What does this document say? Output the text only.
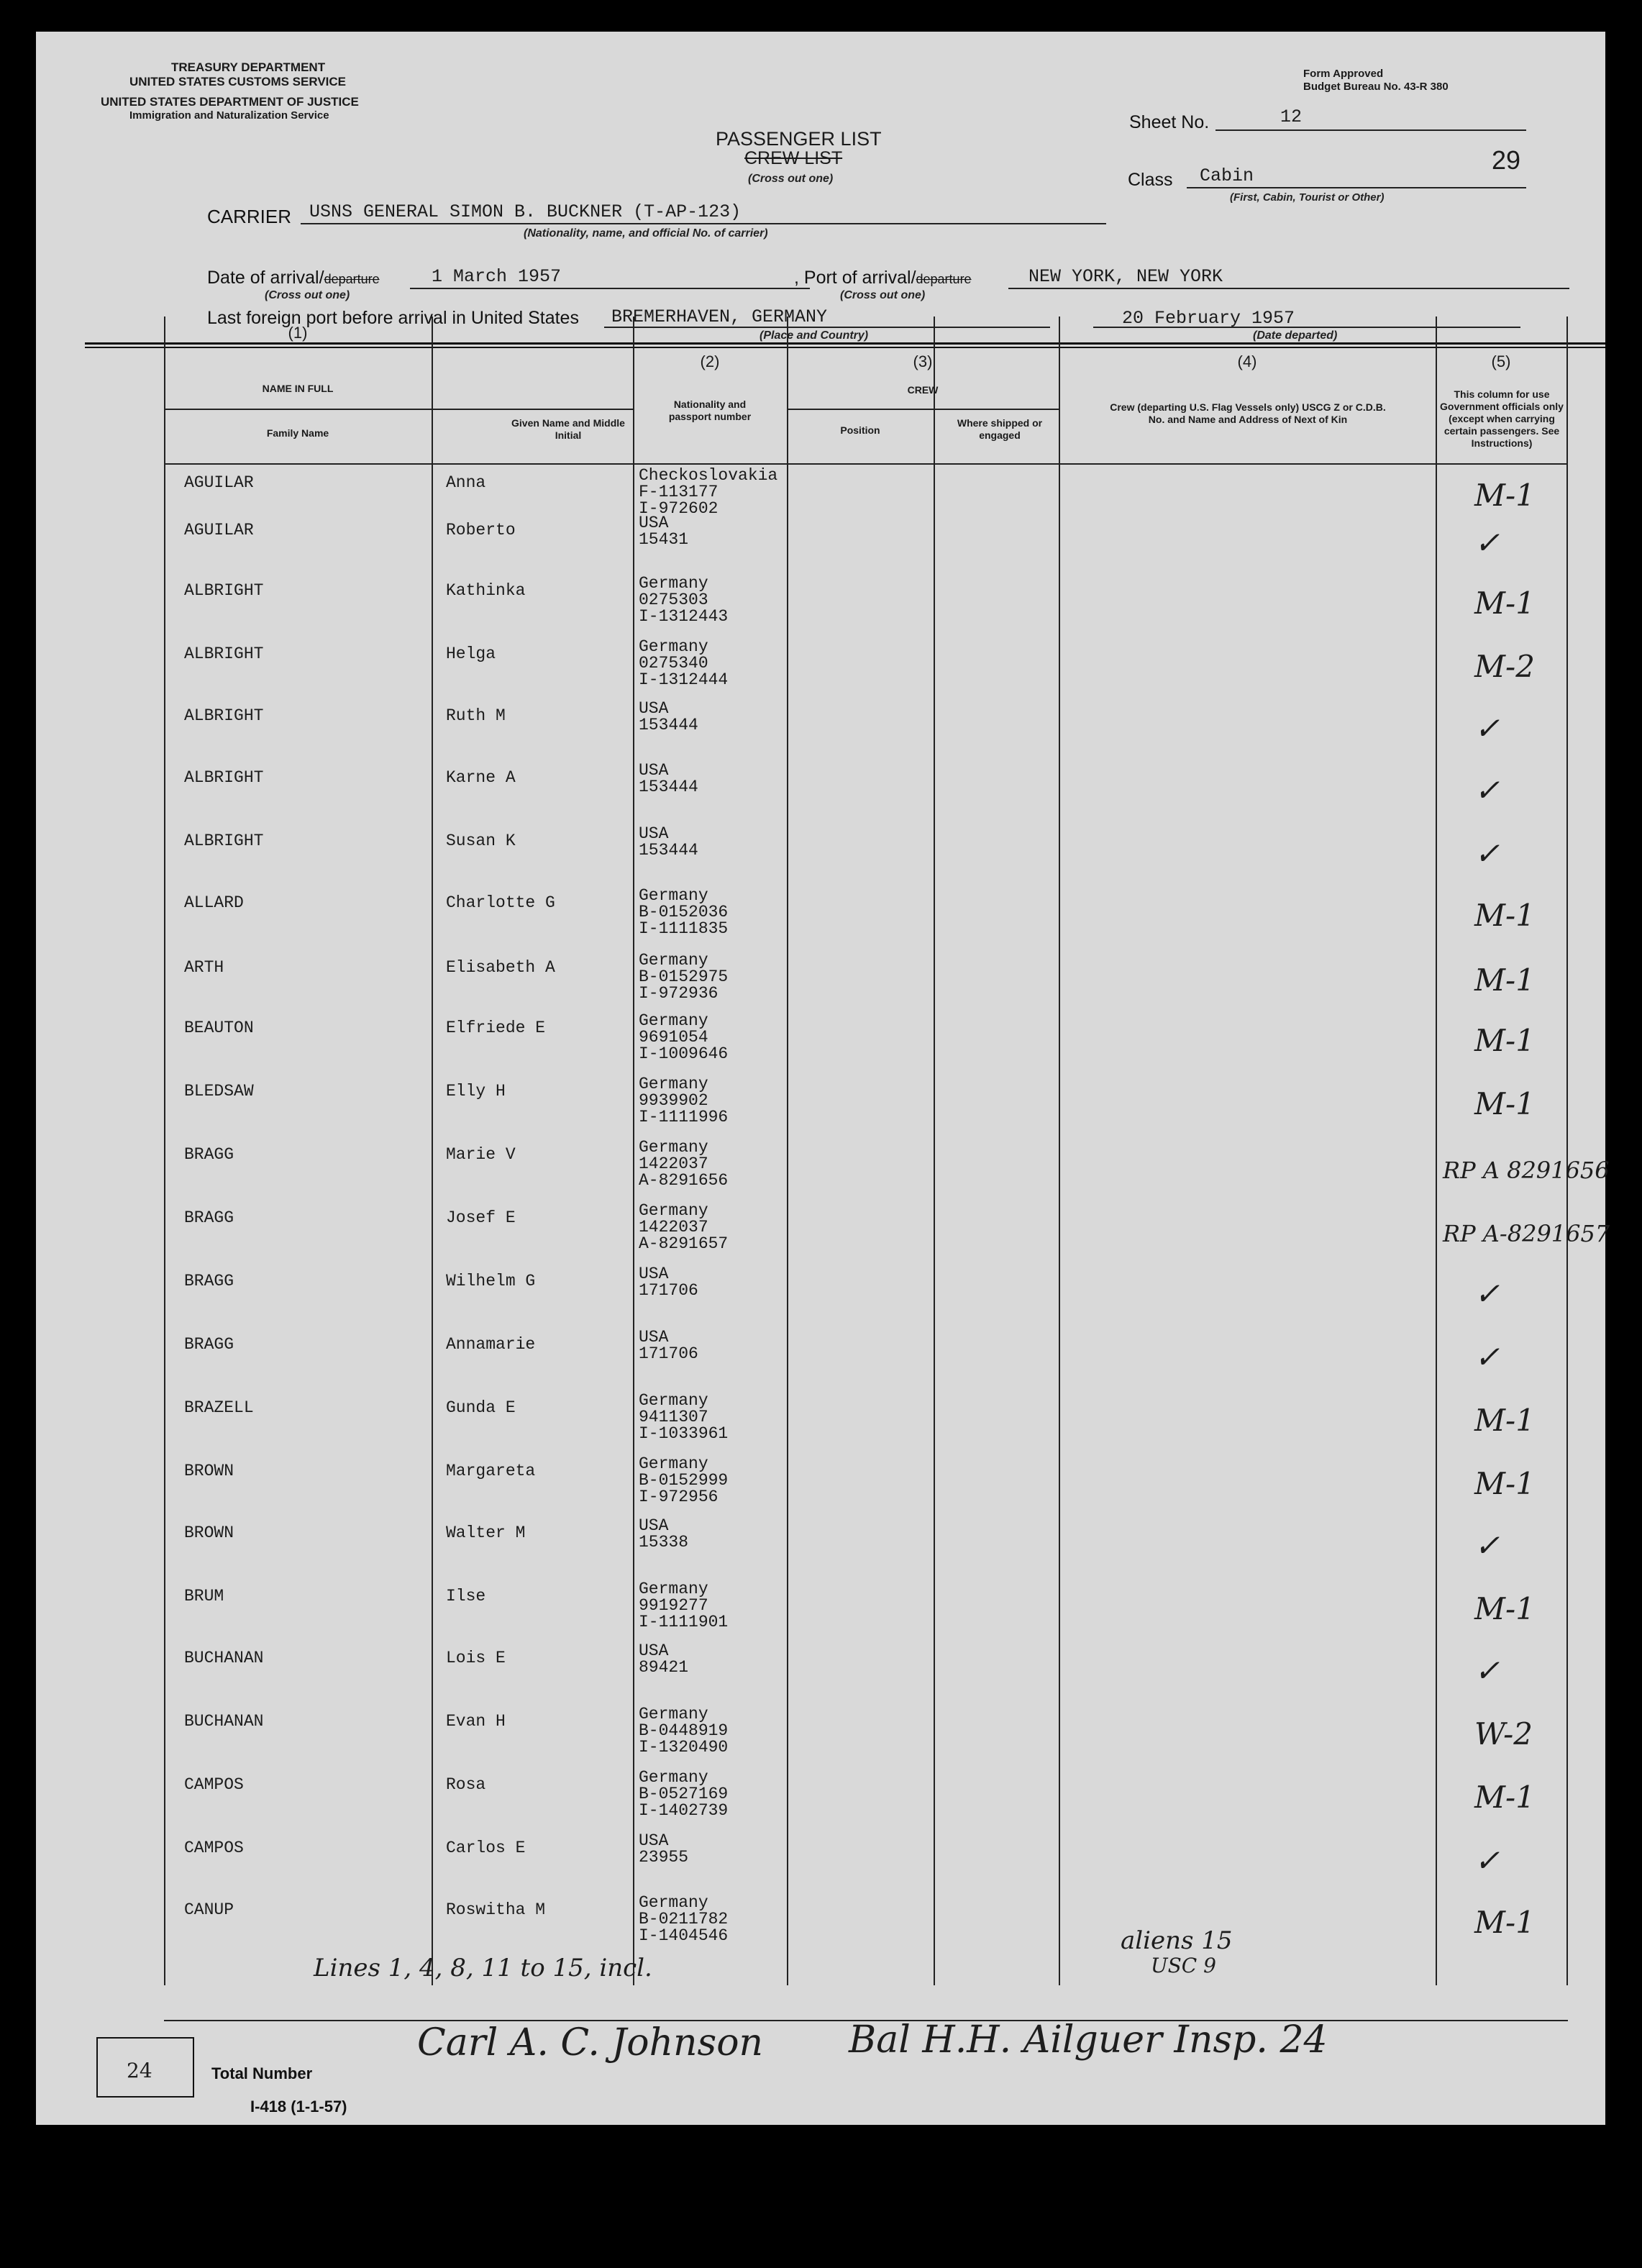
TREASURY DEPARTMENT
UNITED STATES CUSTOMS SERVICE
UNITED STATES DEPARTMENT OF JUSTICE
Immigration and Naturalization Service
Form Approved
Budget Bureau No. 43-R 380
PASSENGER LIST
CREW LIST
(Cross out one)
Sheet No.	12
Class Cabin
(First, Cabin, Tourist or Other)
29
CARRIER USNS GENERAL SIMON B. BUCKNER (T-AP-123)
(Nationality, name, and official No. of carrier)
Date of arrival/departure	1 March 1957
(Cross out one)
, Port of arrival/departure	NEW YORK, NEW YORK
(Cross out one)
Last foreign port before arrival in United States BREMERHAVEN, GERMANY
(Place and Country)
20 February 1957
(Date departed)
(1)
NAME IN FULL
Family Name
Given Name and Middle Initial
(2)
Nationality and passport number
(3)
CREW
Position
Where shipped or engaged
(4)
Crew (departing U.S. Flag Vessels only) USCG Z or C.D.B. No. and Name and Address of Next of Kin
(5)
This column for use Government officials only (except when carrying certain passengers. See Instructions)
AGUILAR	Anna	Checkoslovakia
F-113177
I-972602	M-1
AGUILAR	Roberto	USA
15431	✓
ALBRIGHT	Kathinka	Germany
0275303
I-1312443	M-1
ALBRIGHT	Helga	Germany
0275340
I-1312444	M-2
ALBRIGHT	Ruth M	USA
153444	✓
ALBRIGHT	Karne A	USA
153444	✓
ALBRIGHT	Susan K	USA
153444	✓
ALLARD	Charlotte G	Germany
B-0152036
I-1111835	M-1
ARTH	Elisabeth A	Germany
B-0152975
I-972936	M-1
BEAUTON	Elfriede E	Germany
9691054
I-1009646	M-1
BLEDSAW	Elly H	Germany
9939902
I-1111996	M-1
BRAGG	Marie V	Germany
1422037
A-8291656	RP A 8291656
BRAGG	Josef E	Germany
1422037
A-8291657	RP A-8291657
BRAGG	Wilhelm G	USA
171706	✓
BRAGG	Annamarie	USA
171706	✓
BRAZELL	Gunda E	Germany
9411307
I-1033961	M-1
BROWN	Margareta	Germany
B-0152999
I-972956	M-1
BROWN	Walter M	USA
15338	✓
BRUM	Ilse	Germany
9919277
I-1111901	M-1
BUCHANAN	Lois E	USA
89421	✓
BUCHANAN	Evan H	Germany
B-0448919
I-1320490	W-2
CAMPOS	Rosa	Germany
B-0527169
I-1402739	M-1
CAMPOS	Carlos E	USA
23955	✓
CANUP	Roswitha M	Germany
B-0211782
I-1404546	M-1
aliens 15
USC 9
Lines 1, 4, 8, 11 to 15, incl.
Carl A. C. Johnson Bal H.H. Ailguer Insp. 24
24	Total Number
I-418 (1-1-57)
